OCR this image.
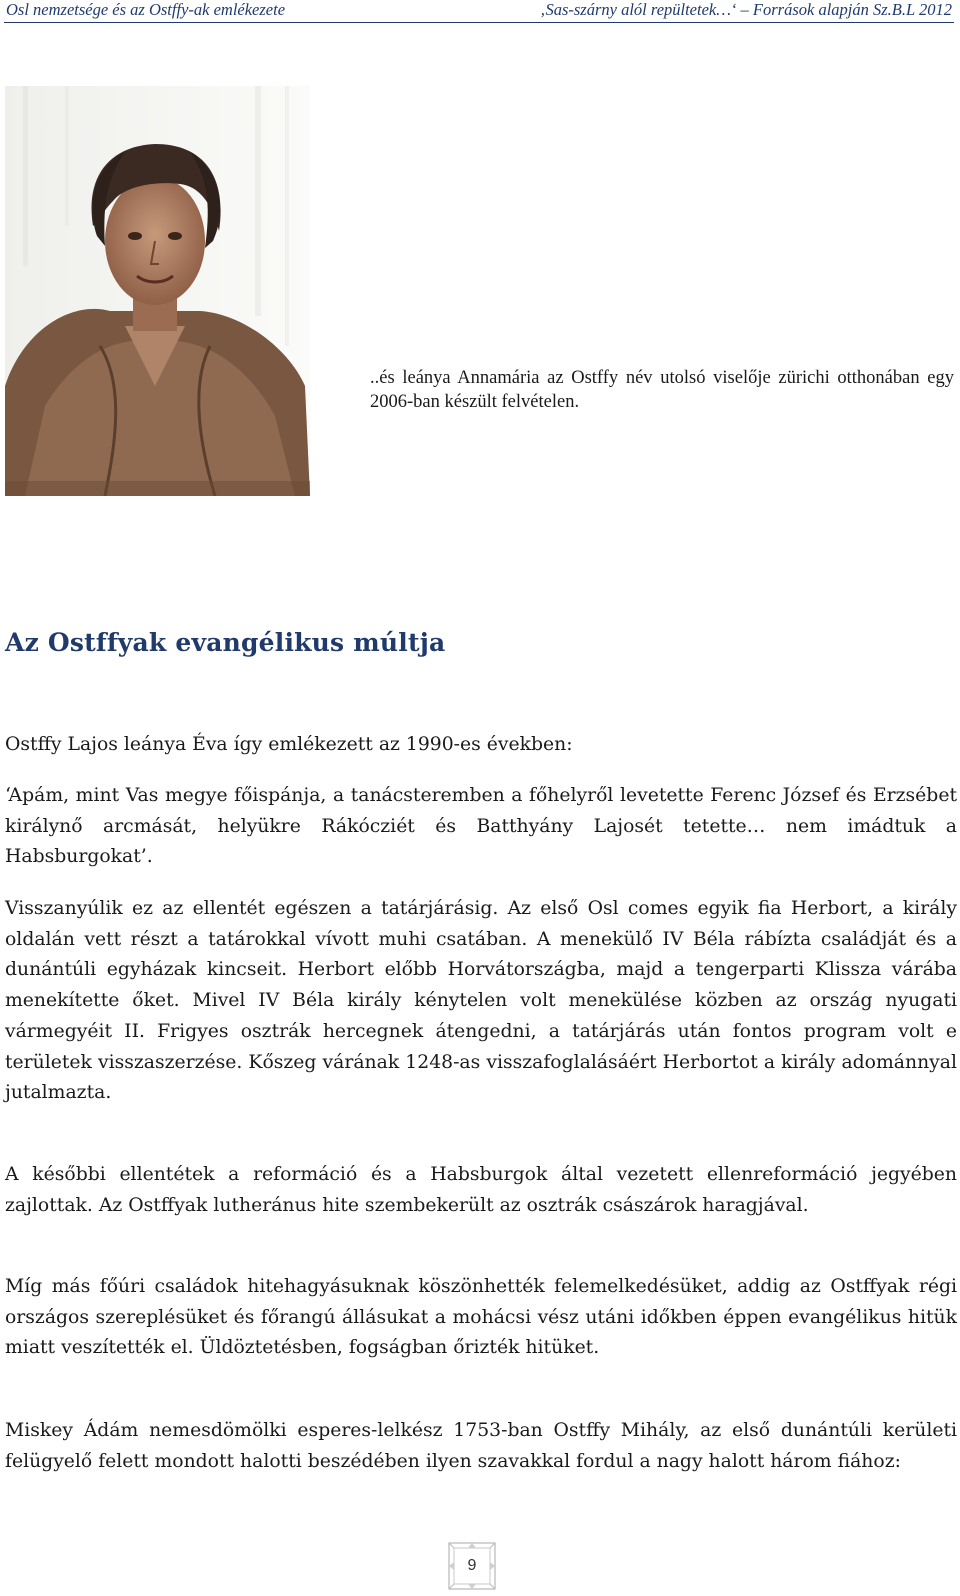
Osl nemzetsége és az Ostffy-ak emlékezete	‚Sas-szárny alól repültetek…‘ – Források alapján Sz.B.L 2012
..és leánya Annamária az Ostffy név utolsó viselője zürichi otthonában egy 2006-ban készült felvételen.
Az Ostffyak evangélikus múltja

Ostffy Lajos leánya Éva így emlékezett az 1990-es években:

‘Apám, mint Vas megye főispánja, a tanácsteremben a főhelyről levetette Ferenc József és Erzsébet királynő arcmását, helyükre Rákócziét és Batthyány Lajosét tetette… nem imádtuk a Habsburgokat’.

Visszanyúlik ez az ellentét egészen a tatárjárásig. Az első Osl comes egyik fia Herbort, a király oldalán vett részt a tatárokkal vívott muhi csatában. A menekülő IV Béla rábízta családját és a dunántúli egyházak kincseit. Herbort előbb Horvátországba, majd a tengerparti Klissza várába menekítette őket. Mivel IV Béla király kénytelen volt menekülése közben az ország nyugati vármegyéit II. Frigyes osztrák hercegnek átengedni, a tatárjárás után fontos program volt e területek visszaszerzése. Kőszeg várának 1248-as visszafoglalásáért Herbortot a király adománnyal jutalmazta.

A későbbi ellentétek a reformáció és a Habsburgok által vezetett ellenreformáció jegyében zajlottak. Az Ostffyak lutheránus hite szembekerült az osztrák császárok haragjával.

Míg más főúri családok hitehagyásuknak köszönhették felemelkedésüket, addig az Ostffyak régi országos szereplésüket és főrangú állásukat a mohácsi vész utáni időkben éppen evangélikus hitük miatt veszítették el. Üldöztetésben, fogságban őrizték hitüket.

Miskey Ádám nemesdömölki esperes-lelkész 1753-ban Ostffy Mihály, az első dunántúli kerületi felügyelő felett mondott halotti beszédében ilyen szavakkal fordul a nagy halott három fiához:

9
